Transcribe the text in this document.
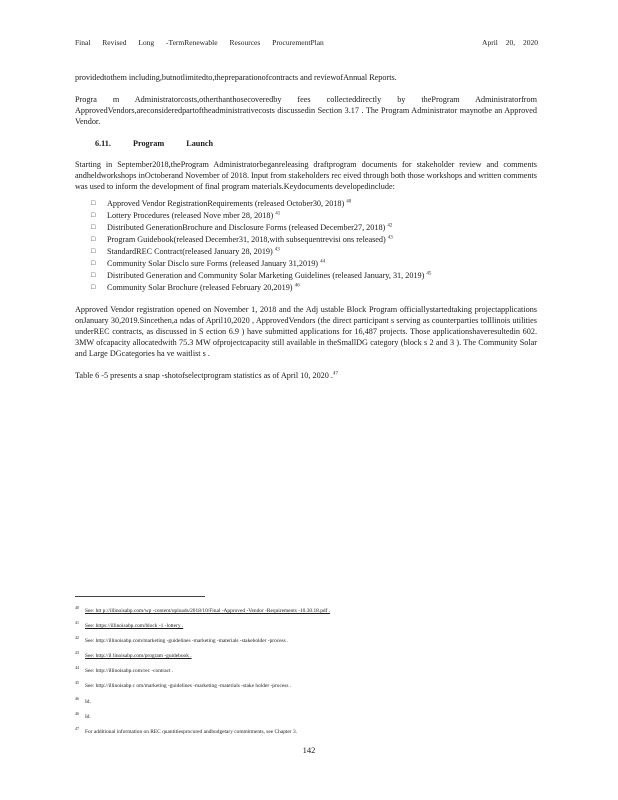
Final Revised Long -TermRenewable Resources ProcurementPlan	April 20, 2020

providedtothem including,butnotlimitedto,thepreparationofcontracts and reviewofAnnual Reports.

Progra m Administratorcosts,otherthanthosecoveredby fees collecteddirectly by theProgram Administratorfrom ApprovedVendors,areconsideredpartoftheadministrativecosts discussedin Section 3.17 . The Program Administrator maynotbe an Approved Vendor.

6.11. Program Launch

Starting in September2018,theProgram Administratorbeganreleasing draftprogram documents for stakeholder review and comments andheldworkshops inOctoberand November of 2018. Input from stakeholders rec eived through both those workshops and written comments was used to inform the development of final program materials.Keydocuments developedinclude:

□ Approved Vendor RegistrationRequirements (released October30, 2018) $^{40}$
□ Lottery Procedures (released Nove mber 28, 2018) $^{41}$
□ Distributed GenerationBrochure and Disclosure Forms (released December27, 2018) $^{42}$
□ Program Guidebook(released December31, 2018,with subsequentrevisi ons released) $^{43}$
□ StandardREC Contract(released January 28, 2019) $^{43}$
□ Community Solar Disclo sure Forms (released January 31,2019) $^{44}$
□ Distributed Generation and Community Solar Marketing Guidelines (released January, 31, 2019) $^{45}$
□ Community Solar Brochure (released February 20,2019) $^{46}$

Approved Vendor registration opened on November 1, 2018 and the Adj ustable Block Program officiallystartedtaking projectapplications onJanuary 30,2019.Sincethen,a ndas of April10,2020 , ApprovedVendors (the direct participant s serving as counterparties toIllinois utilities underREC contracts, as discussed in S ection 6.9 ) have submitted applications for 16,487 projects. Those applicationshaveresultedin 602. 3MW ofcapacity allocatedwith 75.3 MW ofprojectcapacity still available in theSmallDG category (block s 2 and 3 ). The Community Solar and Large DGcategories ha ve waitlist s .

Table 6 -5 presents a snap -shotofselectprogram statistics as of April 10, 2020 .$^{47}$

40See: htt p://illinoisabp.com/wp -content/uploads/2018/10/Final -Approved -Vendor -Requirements -10.30.18.pdf .
41See: https://illinoisabp.com/block -1 -lottery .
42See: http://illinoisabp.com/marketing -guidelines -marketing -materials -stakeholder -process .
43See: http://il linoisabp.com/program -guidebook .
44See: http://illinoisabp.com/rec -contract .
45See: http://illinoisabp.c om/marketing -guidelines -marketing -materials -stake holder -process .
46Id.
46Id.
47For additional information on REC quantitiesprocured andbudgetary commitments, see Chapter 3.
142
